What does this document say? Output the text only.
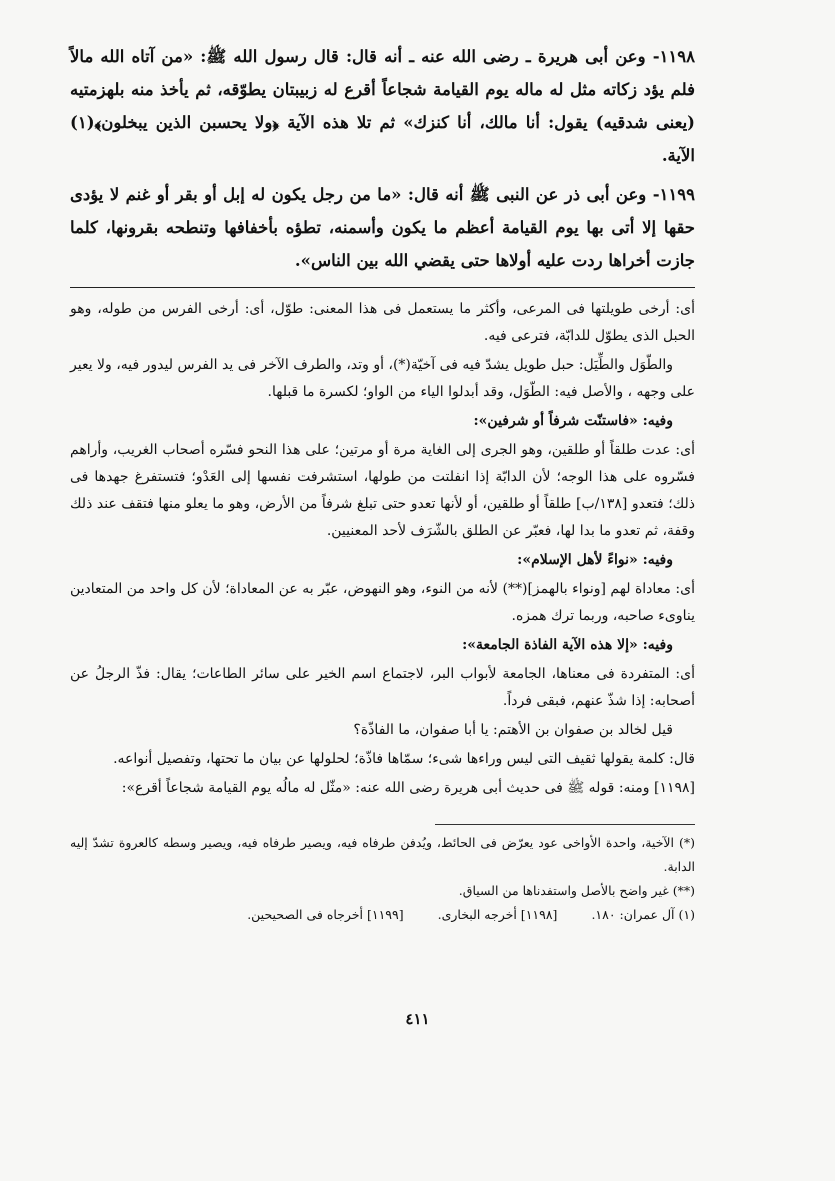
١١٩٨- وعن أبى هريرة ـ رضى الله عنه ـ أنه قال: قال رسول الله ﷺ: «من آتاه الله مالاً فلم يؤد زكاته مثل له ماله يوم القيامة شجاعاً أقرع له زبيبتان يطوّقه، ثم يأخذ منه بلهزمتيه (يعنى شدقيه) يقول: أنا مالك، أنا كنزك» ثم تلا هذه الآية ﴿ولا يحسبن الذين يبخلون﴾(١) الآية.

١١٩٩- وعن أبى ذر عن النبى ﷺ أنه قال: «ما من رجل يكون له إبل أو بقر أو غنم لا يؤدى حقها إلا أتى بها يوم القيامة أعظم ما يكون وأسمنه، تطؤه بأخفافها وتنطحه بقرونها، كلما جازت أخراها ردت عليه أولاها حتى يقضي الله بين الناس».

أى: أرخى طويلتها فى المرعى، وأكثر ما يستعمل فى هذا المعنى: طوّل، أى: أرخى الفرس من طوله، وهو الحبل الذى يطوّل للدابّة، فترعى فيه.

والطّوَل والطِّيَل: حبل طويل يشدّ فيه فى آخيّة(*)، أو وتد، والطرف الآخر فى يد الفرس ليدور فيه، ولا يعير على وجهه ، والأصل فيه: الطّوَل، وقد أبدلوا الياء من الواو؛ لكسرة ما قبلها.

وفيه: «فاستنّت شرفاً أو شرفين»:

أى: عدت طلقاً أو طلقين، وهو الجرى إلى الغاية مرة أو مرتين؛ على هذا النحو فسّره أصحاب الغريب، وأراهم فسّروه على هذا الوجه؛ لأن الدابّة إذا انفلتت من طولها، استشرفت نفسها إلى العَدْو؛ فتستفرغ جهدها فى ذلك؛ فتعدو [١٣٨/ب] طلقاً أو طلقين، أو لأنها تعدو حتى تبلغ شرفاً من الأرض، وهو ما يعلو منها فتقف عند ذلك وقفة، ثم تعدو ما بدا لها، فعبّر عن الطلق بالشّرَف لأحد المعنيين.

وفيه: «نواءً لأهل الإسلام»:

أى: معاداة لهم [ونواء بالهمز](**) لأنه من النوء، وهو النهوض، عبّر به عن المعاداة؛ لأن كل واحد من المتعادين يناوىء صاحبه، وربما ترك همزه.

وفيه: «إلا هذه الآية الفاذة الجامعة»:

أى: المتفردة فى معناها، الجامعة لأبواب البر، لاجتماع اسم الخير على سائر الطاعات؛ يقال: فذّ الرجلُ عن أصحابه: إذا شذّ عنهم، فبقى فرداً.

قيل لخالد بن صفوان بن الأهتم: يا أبا صفوان، ما الفاذّة؟

قال: كلمة يقولها ثقيف التى ليس وراءها شىء؛ سمّاها فاذّة؛ لحلولها عن بيان ما تحتها، وتفصيل أنواعه.

[١١٩٨] ومنه: قوله ﷺ فى حديث أبى هريرة رضى الله عنه: «مثّل له مالُه يوم القيامة شجاعاً أقرع»:

(*) الآخية، واحدة الأواخى عود يعرّض فى الحائط، ويُدفن طرفاه فيه، ويصير طرفاه فيه، ويصير وسطه كالعروة تشدّ إليه الدابة.

(**) غير واضح بالأصل واستفدناها من السياق.

(١) آل عمران: ١٨٠.
[١١٩٨] أخرجه البخارى.
[١١٩٩] أخرجاه فى الصحيحين.
٤١١
